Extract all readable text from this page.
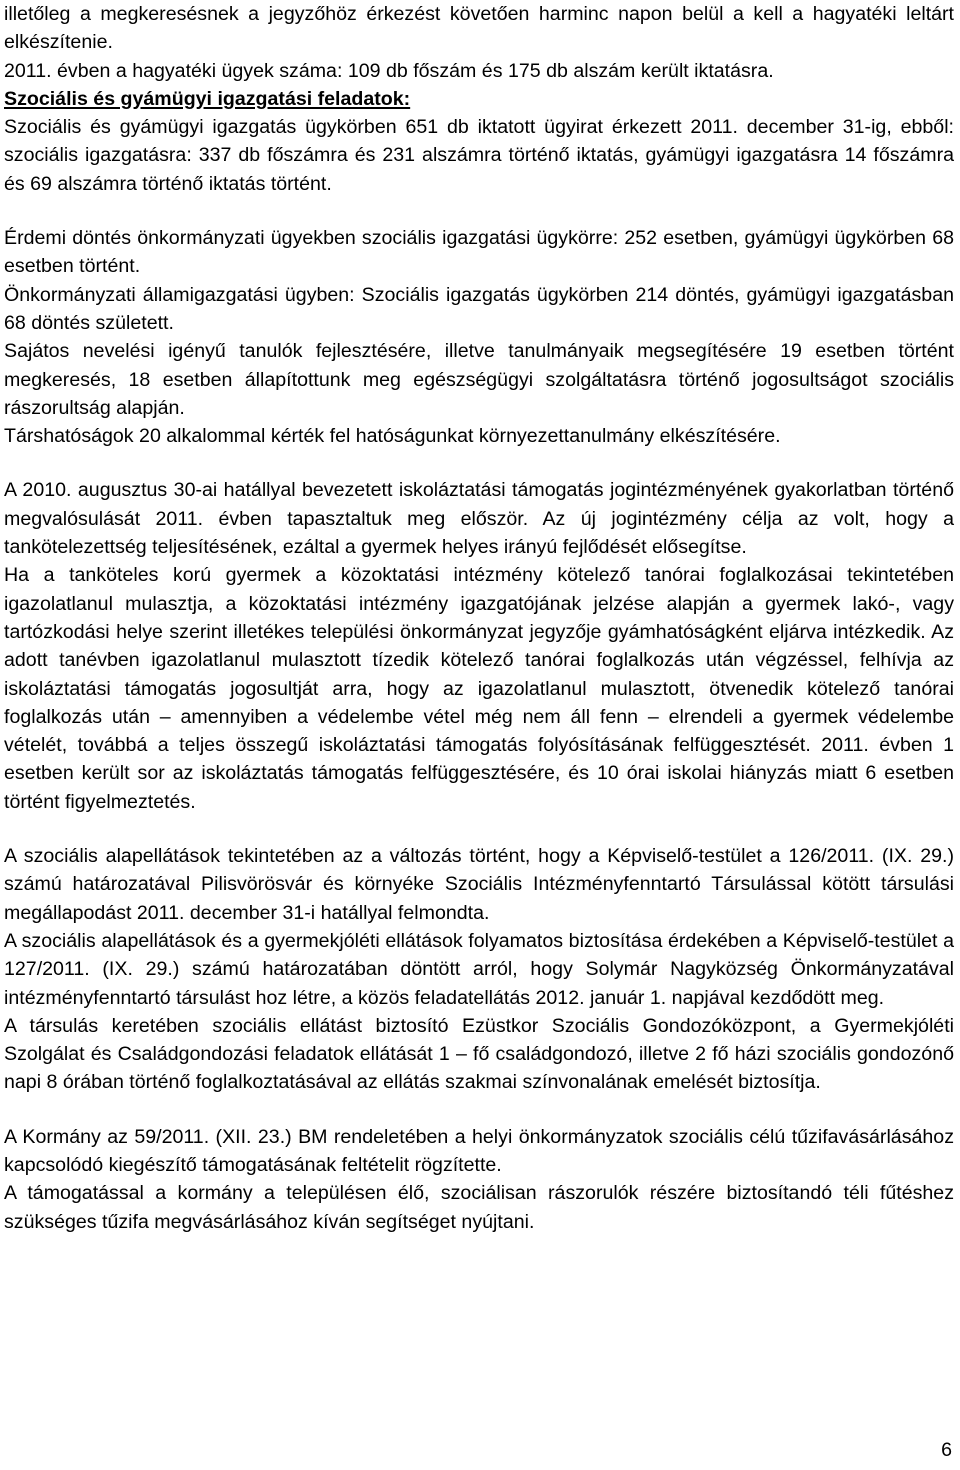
illetőleg a megkeresésnek a jegyzőhöz érkezést követően harminc napon belül a kell a hagyatéki leltárt elkészítenie.

2011. évben a hagyatéki ügyek száma: 109 db főszám és 175 db alszám került iktatásra.

Szociális és gyámügyi igazgatási feladatok:

Szociális és gyámügyi igazgatás ügykörben 651 db iktatott ügyirat érkezett 2011. december 31-ig, ebből: szociális igazgatásra: 337 db főszámra és 231 alszámra történő iktatás, gyámügyi igazgatásra 14 főszámra és 69 alszámra történő iktatás történt.

Érdemi döntés önkormányzati ügyekben szociális igazgatási ügykörre: 252 esetben, gyámügyi ügykörben 68 esetben történt.

Önkormányzati államigazgatási ügyben: Szociális igazgatás ügykörben 214 döntés, gyámügyi igazgatásban 68 döntés született.

Sajátos nevelési igényű tanulók fejlesztésére, illetve tanulmányaik megsegítésére 19 esetben történt megkeresés, 18 esetben állapítottunk meg egészségügyi szolgáltatásra történő jogosultságot szociális rászorultság alapján.

Társhatóságok 20 alkalommal kérték fel hatóságunkat környezettanulmány elkészítésére.

A 2010. augusztus 30-ai hatállyal bevezetett iskoláztatási támogatás jogintézményének gyakorlatban történő megvalósulását 2011. évben tapasztaltuk meg először. Az új jogintézmény célja az volt, hogy a tankötelezettség teljesítésének, ezáltal a gyermek helyes irányú fejlődését elősegítse.

Ha a tanköteles korú gyermek a közoktatási intézmény kötelező tanórai foglalkozásai tekintetében igazolatlanul mulasztja, a közoktatási intézmény igazgatójának jelzése alapján a gyermek lakó-, vagy tartózkodási helye szerint illetékes települési önkormányzat jegyzője gyámhatóságként eljárva intézkedik. Az adott tanévben igazolatlanul mulasztott tízedik kötelező tanórai foglalkozás után végzéssel, felhívja az iskoláztatási támogatás jogosultját arra, hogy az igazolatlanul mulasztott, ötvenedik kötelező tanórai foglalkozás után – amennyiben a védelembe vétel még nem áll fenn – elrendeli a gyermek védelembe vételét, továbbá a teljes összegű iskoláztatási támogatás folyósításának felfüggesztését. 2011. évben 1 esetben került sor az iskoláztatás támogatás felfüggesztésére, és 10 órai iskolai hiányzás miatt 6 esetben történt figyelmeztetés.

A szociális alapellátások tekintetében az a változás történt, hogy a Képviselő-testület a 126/2011. (IX. 29.) számú határozatával Pilisvörösvár és környéke Szociális Intézményfenntartó Társulással kötött társulási megállapodást 2011. december 31-i hatállyal felmondta.

A szociális alapellátások és a gyermekjóléti ellátások folyamatos biztosítása érdekében a Képviselő-testület a 127/2011. (IX. 29.) számú határozatában döntött arról, hogy Solymár Nagyközség Önkormányzatával intézményfenntartó társulást hoz létre, a közös feladatellátás 2012. január 1. napjával kezdődött meg.

A társulás keretében szociális ellátást biztosító Ezüstkor Szociális Gondozóközpont, a Gyermekjóléti Szolgálat és Családgondozási feladatok ellátását 1 – fő családgondozó, illetve 2 fő házi szociális gondozónő napi 8 órában történő foglalkoztatásával az ellátás szakmai színvonalának emelését biztosítja.

A Kormány az 59/2011. (XII. 23.) BM rendeletében a helyi önkormányzatok szociális célú tűzifavásárlásához kapcsolódó kiegészítő támogatásának feltételit rögzítette.

A támogatással a kormány a településen élő, szociálisan rászorulók részére biztosítandó téli fűtéshez szükséges tűzifa megvásárlásához kíván segítséget nyújtani.

6
